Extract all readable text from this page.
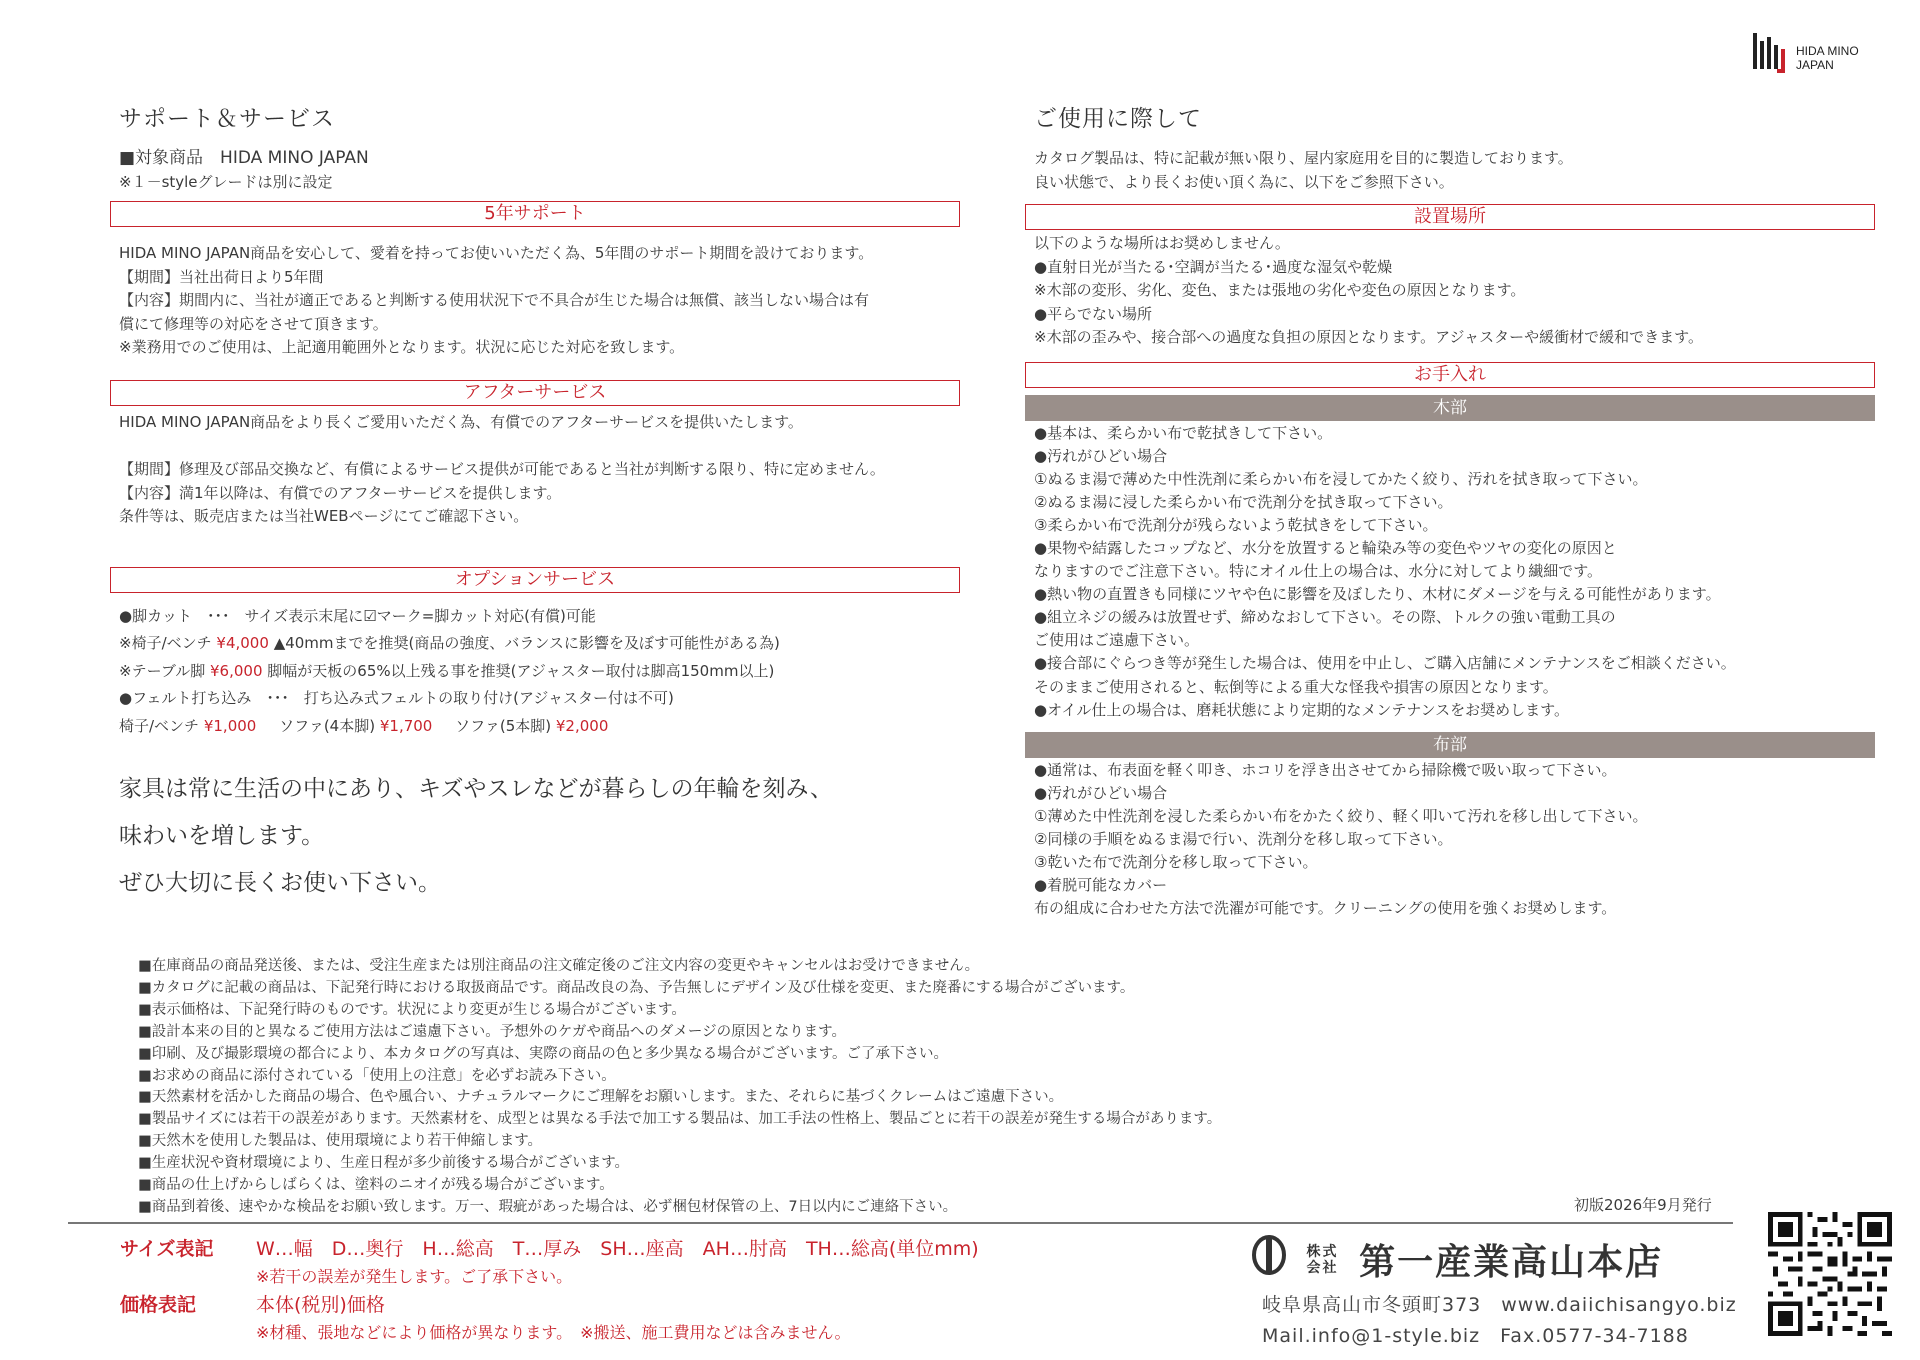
HIDA MINO
JAPAN
サポート＆サービス
■対象商品　HIDA MINO JAPAN
※１－styleグレードは別に設定
5年サポート
HIDA MINO JAPAN商品を安心して、愛着を持ってお使いいただく為、5年間のサポート期間を設けております。
【期間】当社出荷日より5年間
【内容】期間内に、当社が適正であると判断する使用状況下で不具合が生じた場合は無償、該当しない場合は有
償にて修理等の対応をさせて頂きます。
※業務用でのご使用は、上記適用範囲外となります。状況に応じた対応を致します。
アフターサービス
HIDA MINO JAPAN商品をより長くご愛用いただく為、有償でのアフターサービスを提供いたします。
【期間】修理及び部品交換など、有償によるサービス提供が可能であると当社が判断する限り、特に定めません。
【内容】満1年以降は、有償でのアフターサービスを提供します。
条件等は、販売店または当社WEBページにてご確認下さい。
オプションサービス
●脚カット　･･･　サイズ表示末尾に☑マーク=脚カット対応(有償)可能
※椅子/ベンチ ¥4,000 ▲40mmまでを推奨(商品の強度、バランスに影響を及ぼす可能性がある為)
※テーブル脚 ¥6,000 脚幅が天板の65%以上残る事を推奨(アジャスター取付は脚高150mm以上)
●フェルト打ち込み　･･･　打ち込み式フェルトの取り付け(アジャスター付は不可)
椅子/ベンチ ¥1,000 ソファ(4本脚) ¥1,700 ソファ(5本脚) ¥2,000
家具は常に生活の中にあり、キズやスレなどが暮らしの年輪を刻み、
味わいを増します。
ぜひ大切に長くお使い下さい。
ご使用に際して
カタログ製品は、特に記載が無い限り、屋内家庭用を目的に製造しております。
良い状態で、より長くお使い頂く為に、以下をご参照下さい。
設置場所
以下のような場所はお奨めしません。
●直射日光が当たる･空調が当たる･過度な湿気や乾燥
※木部の変形、劣化、変色、または張地の劣化や変色の原因となります。
●平らでない場所
※木部の歪みや、接合部への過度な負担の原因となります。アジャスターや緩衝材で緩和できます。
お手入れ
木部
●基本は、柔らかい布で乾拭きして下さい。
●汚れがひどい場合
①ぬるま湯で薄めた中性洗剤に柔らかい布を浸してかたく絞り、汚れを拭き取って下さい。
②ぬるま湯に浸した柔らかい布で洗剤分を拭き取って下さい。
③柔らかい布で洗剤分が残らないよう乾拭きをして下さい。
●果物や結露したコップなど、水分を放置すると輪染み等の変色やツヤの変化の原因と
なりますのでご注意下さい。特にオイル仕上の場合は、水分に対してより繊細です。
●熱い物の直置きも同様にツヤや色に影響を及ぼしたり、木材にダメージを与える可能性があります。
●組立ネジの緩みは放置せず、締めなおして下さい。その際、トルクの強い電動工具の
ご使用はご遠慮下さい。
●接合部にぐらつき等が発生した場合は、使用を中止し、ご購入店舗にメンテナンスをご相談ください。
そのままご使用されると、転倒等による重大な怪我や損害の原因となります。
●オイル仕上の場合は、磨耗状態により定期的なメンテナンスをお奨めします。
布部
●通常は、布表面を軽く叩き、ホコリを浮き出させてから掃除機で吸い取って下さい。
●汚れがひどい場合
①薄めた中性洗剤を浸した柔らかい布をかたく絞り、軽く叩いて汚れを移し出して下さい。
②同様の手順をぬるま湯で行い、洗剤分を移し取って下さい。
③乾いた布で洗剤分を移し取って下さい。
●着脱可能なカバー
布の組成に合わせた方法で洗濯が可能です。クリーニングの使用を強くお奨めします。
■在庫商品の商品発送後、または、受注生産または別注商品の注文確定後のご注文内容の変更やキャンセルはお受けできません。
■カタログに記載の商品は、下記発行時における取扱商品です。商品改良の為、予告無しにデザイン及び仕様を変更、また廃番にする場合がございます。
■表示価格は、下記発行時のものです。状況により変更が生じる場合がございます。
■設計本来の目的と異なるご使用方法はご遠慮下さい。予想外のケガや商品へのダメージの原因となります。
■印刷、及び撮影環境の都合により、本カタログの写真は、実際の商品の色と多少異なる場合がございます。ご了承下さい。
■お求めの商品に添付されている「使用上の注意」を必ずお読み下さい。
■天然素材を活かした商品の場合、色や風合い、ナチュラルマークにご理解をお願いします。また、それらに基づくクレームはご遠慮下さい。
■製品サイズには若干の誤差があります。天然素材を、成型とは異なる手法で加工する製品は、加工手法の性格上、製品ごとに若干の誤差が発生する場合があります。
■天然木を使用した製品は、使用環境により若干伸縮します。
■生産状況や資材環境により、生産日程が多少前後する場合がございます。
■商品の仕上げからしばらくは、塗料のニオイが残る場合がございます。
■商品到着後、速やかな検品をお願い致します。万一、瑕疵があった場合は、必ず梱包材保管の上、7日以内にご連絡下さい。	初版2026年9月発行
サイズ表記 W…幅　D…奥行　H…総高　T…厚み　SH…座高　AH…肘高　TH…総高(単位mm)
※若干の誤差が発生します。ご了承下さい。
価格表記	本体(税別)価格
※材種、張地などにより価格が異なります。　※搬送、施工費用などは含みません。

株式
会社 第一産業高山本店
岐阜県高山市冬頭町373　www.daiichisangyo.biz
Mail.info@1-style.biz　Fax.0577-34-7188
